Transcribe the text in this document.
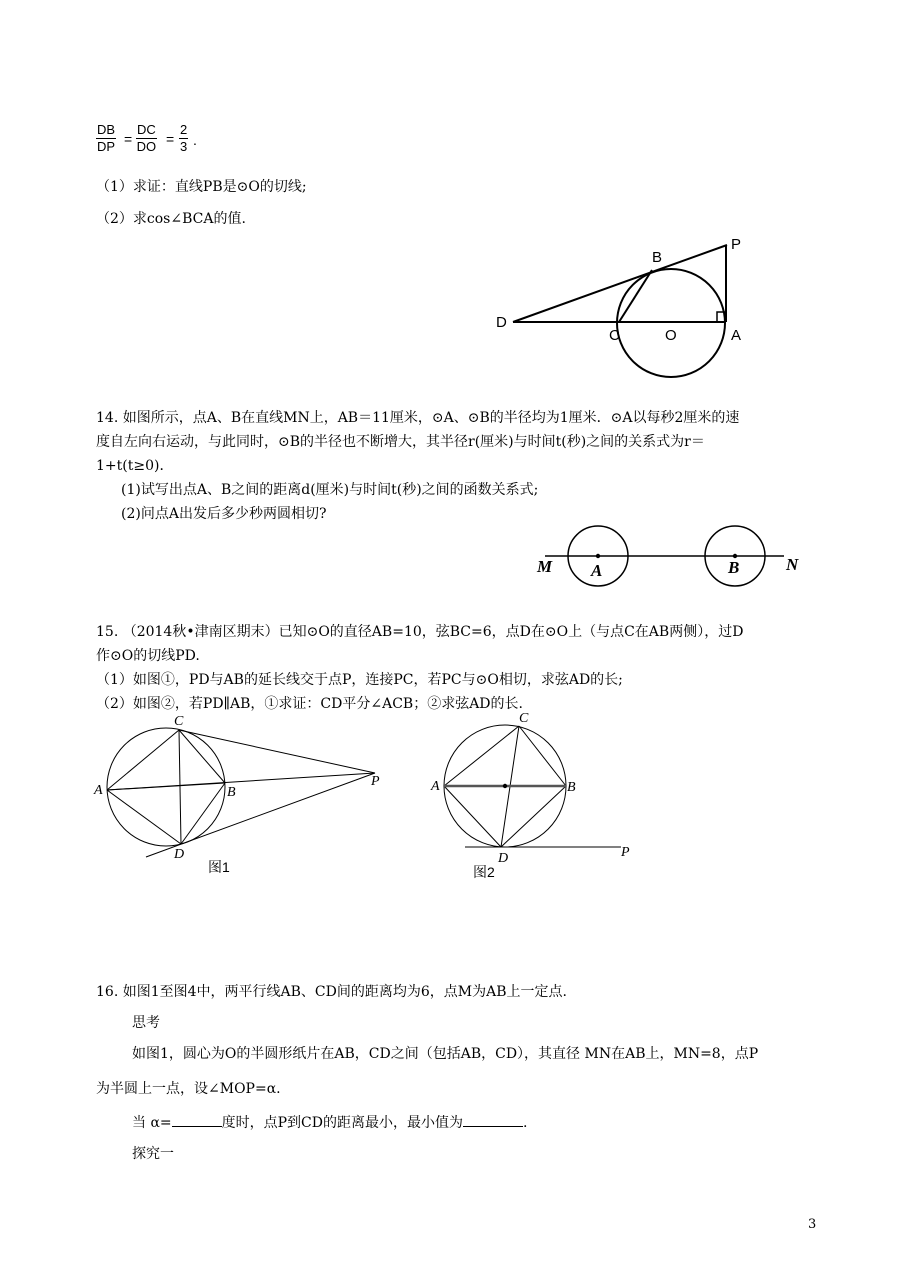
$\frac{DB}{DP} = \frac{DC}{DO} = \frac{2}{3}$ .
（1）求证：直线PB是⊙O的切线;
（2）求cos∠BCA的值.
P
B
D
C	O	A
14. 如图所示，点A、B在直线MN上，AB＝11厘米，⊙A、⊙B的半径均为1厘米．⊙A以每秒2厘米的速
度自左向右运动，与此同时，⊙B的半径也不断增大，其半径r(厘米)与时间t(秒)之间的关系式为r＝
1+t(t≥0)．
(1)试写出点A、B之间的距离d(厘米)与时间t(秒)之间的函数关系式;
(2)问点A出发后多少秒两圆相切?
M A	B	N
15. （2014秋•津南区期末）已知⊙O的直径AB=10，弦BC=6，点D在⊙O上（与点C在AB两侧），过D
作⊙O的切线PD.
（1）如图①，PD与AB的延长线交于点P，连接PC，若PC与⊙O相切，求弦AD的长;
（2）如图②，若PD∥AB，①求证：CD平分∠ACB；②求弦AD的长.
C
A	B
D
P
图1
C
A	B
D	P
图2
16. 如图1至图4中，两平行线AB、CD间的距离均为6，点M为AB上一定点.
思考
如图1，圆心为O的半圆形纸片在AB，CD之间（包括AB，CD），其直径 MN在AB上，MN=8，点P
为半圆上一点，设∠MOP=α.
当 α=	度时，点P到CD的距离最小，最小值为	.
探究一
3
